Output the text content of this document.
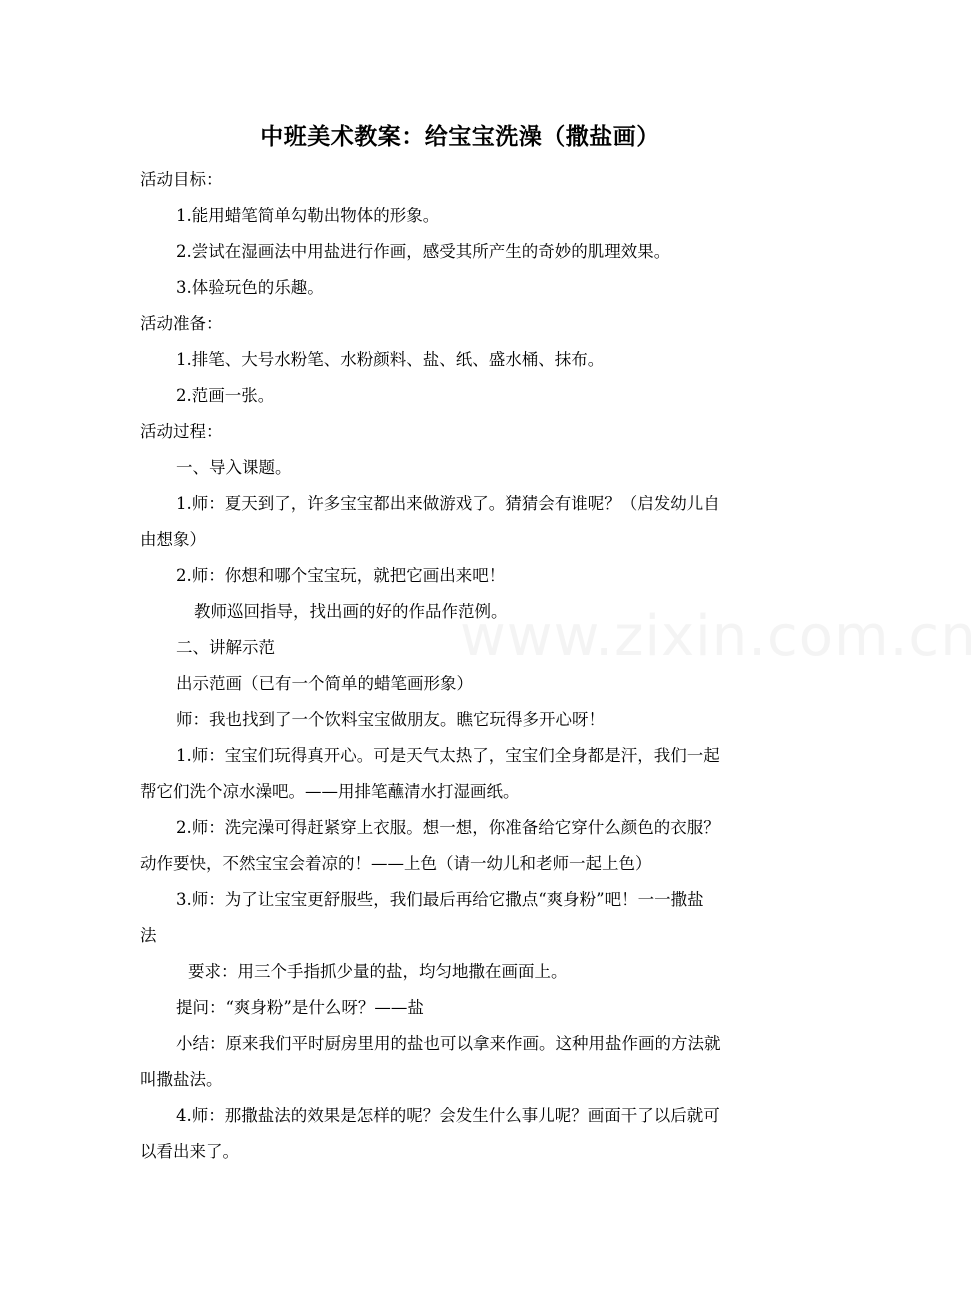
www.zixin.com.cn
中班美术教案：给宝宝洗澡（撒盐画）
活动目标：
1.能用蜡笔简单勾勒出物体的形象。
2.尝试在湿画法中用盐进行作画，感受其所产生的奇妙的肌理效果。
3.体验玩色的乐趣。
活动准备：
1.排笔、大号水粉笔、水粉颜料、盐、纸、盛水桶、抹布。
2.范画一张。
活动过程：
一、导入课题。
1.师：夏天到了，许多宝宝都出来做游戏了。猜猜会有谁呢？（启发幼儿自
由想象）
2.师：你想和哪个宝宝玩，就把它画出来吧！
教师巡回指导，找出画的好的作品作范例。
二、讲解示范
出示范画（已有一个简单的蜡笔画形象）
师：我也找到了一个饮料宝宝做朋友。瞧它玩得多开心呀！
1.师：宝宝们玩得真开心。可是天气太热了，宝宝们全身都是汗，我们一起
帮它们洗个凉水澡吧。——用排笔蘸清水打湿画纸。
2.师：洗完澡可得赶紧穿上衣服。想一想，你准备给它穿什么颜色的衣服？
动作要快，不然宝宝会着凉的！——上色（请一幼儿和老师一起上色）
3.师：为了让宝宝更舒服些，我们最后再给它撒点“爽身粉”吧！一一撒盐
法
要求：用三个手指抓少量的盐，均匀地撒在画面上。
提问：“爽身粉”是什么呀？——盐
小结：原来我们平时厨房里用的盐也可以拿来作画。这种用盐作画的方法就
叫撒盐法。
4.师：那撒盐法的效果是怎样的呢？会发生什么事儿呢？画面干了以后就可
以看出来了。
